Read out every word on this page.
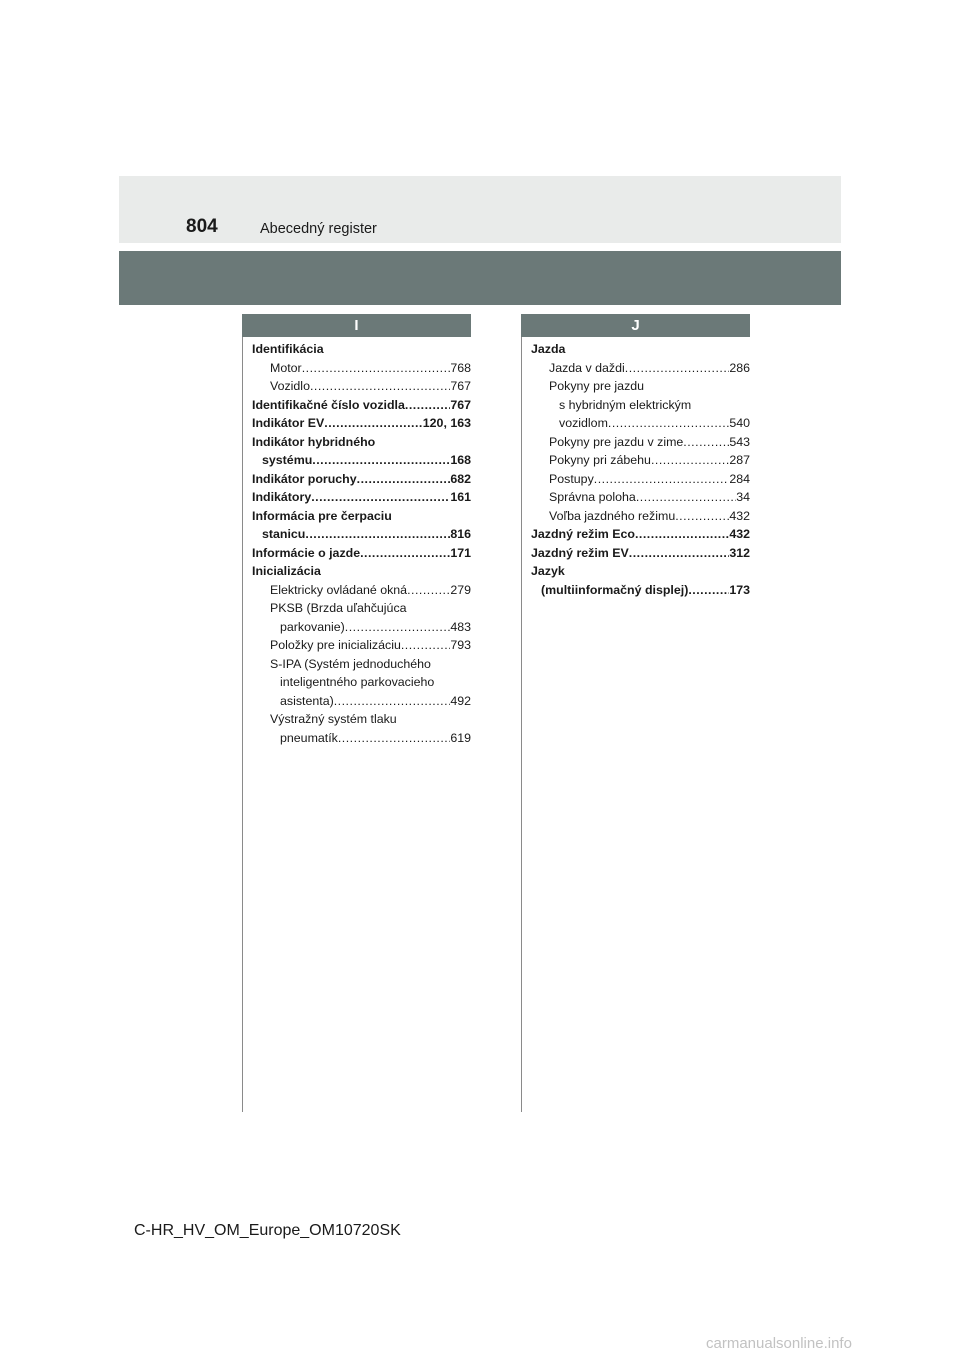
804	Abecedný register
I	J
Identifikácia
Motor .....	768
Vozidlo .....	767
Identifikačné číslo vozidla .....	767
Indikátor EV .....	120, 163
Indikátor hybridného
systému .....	168
Indikátor poruchy .....	682
Indikátory .....	161
Informácia pre čerpaciu
stanicu .....	816
Informácie o jazde .....	171
Inicializácia
Elektricky ovládané okná .....	279
PKSB (Brzda uľahčujúca
parkovanie) .....	483
Položky pre inicializáciu .....	793
S-IPA (Systém jednoduchého
inteligentného parkovacieho
asistenta) .....	492
Výstražný systém tlaku
pneumatík .....	619
Jazda
Jazda v daždi .....	286
Pokyny pre jazdu
s hybridným elektrickým
vozidlom .....	540
Pokyny pre jazdu v zime .....	543
Pokyny pri zábehu .....	287
Postupy .....	284
Správna poloha .....	34
Voľba jazdného režimu .....	432
Jazdný režim Eco .....	432
Jazdný režim EV .....	312
Jazyk
(multiinformačný displej) .....	173
C-HR_HV_OM_Europe_OM10720SK
carmanualsonline.info
